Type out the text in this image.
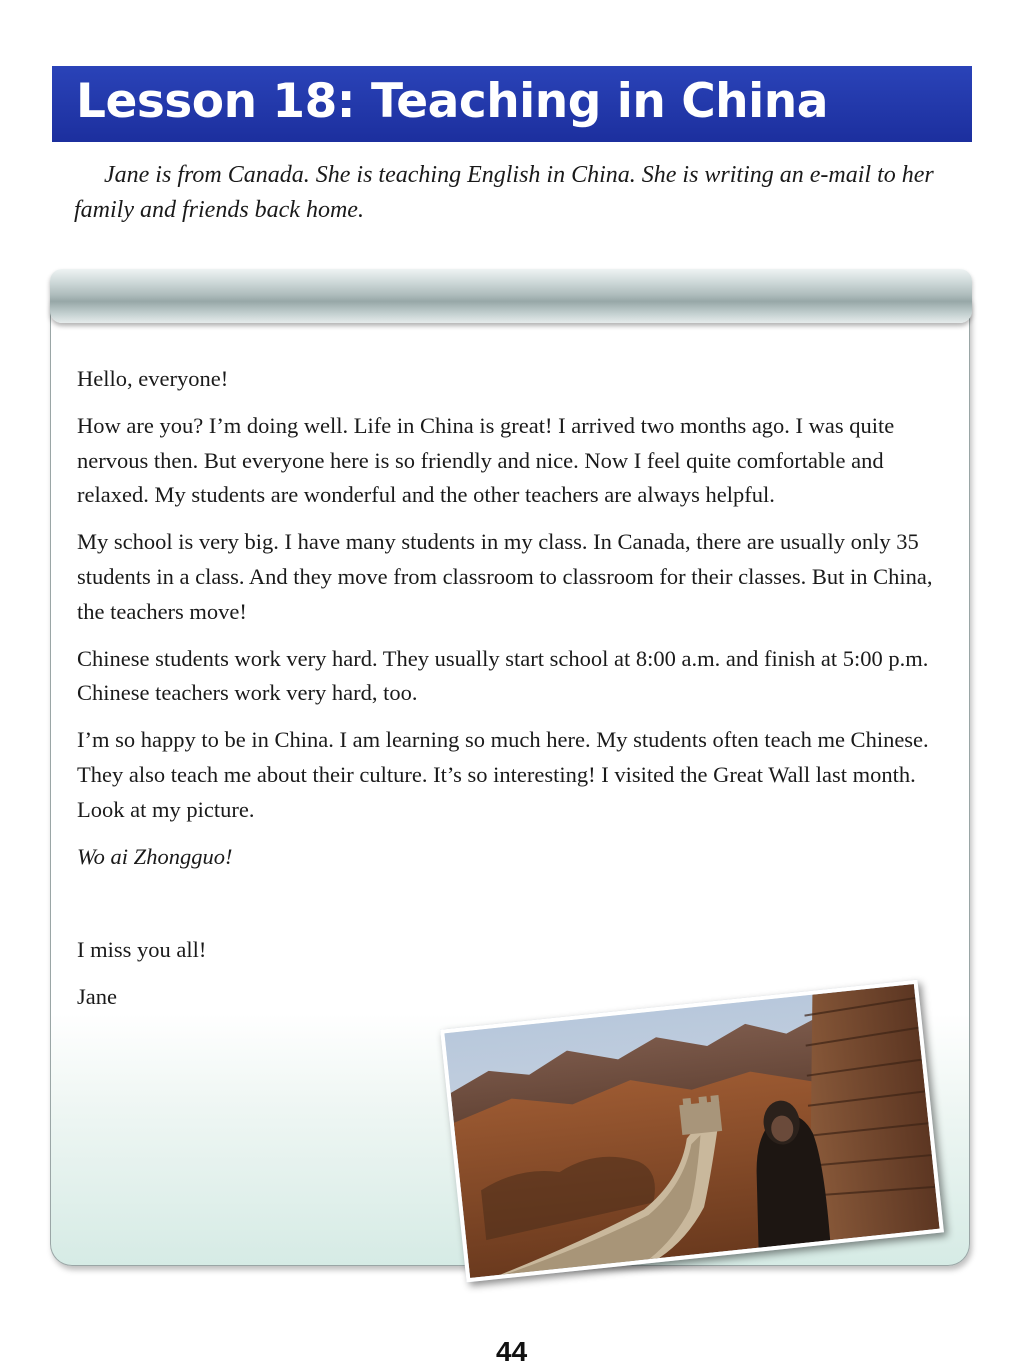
Lesson 18: Teaching in China
Jane is from Canada. She is teaching English in China. She is writing an e-mail to her family and friends back home.

Hello, everyone!

How are you? I’m doing well. Life in China is great! I arrived two months ago. I was quite nervous then. But everyone here is so friendly and nice. Now I feel quite comfortable and relaxed. My students are wonderful and the other teachers are always helpful.

My school is very big. I have many students in my class. In Canada, there are usually only 35 students in a class. And they move from classroom to classroom for their classes. But in China, the teachers move!

Chinese students work very hard. They usually start school at 8:00 a.m. and finish at 5:00 p.m. Chinese teachers work very hard, too.

I’m so happy to be in China. I am learning so much here. My students often teach me Chinese. They also teach me about their culture. It’s so interesting! I visited the Great Wall last month. Look at my picture.

Wo ai Zhongguo!

I miss you all!

Jane

44
